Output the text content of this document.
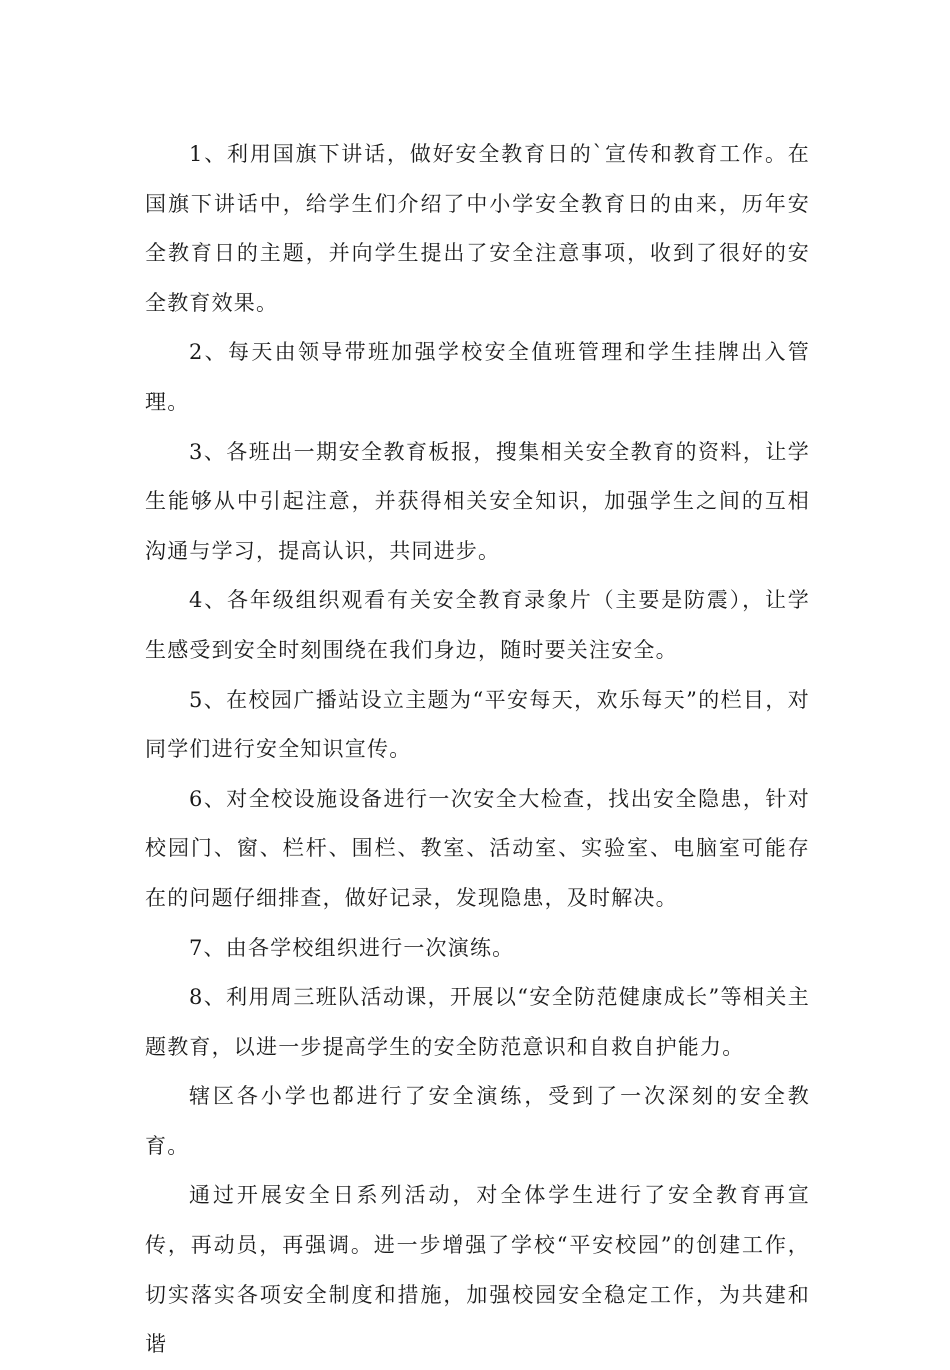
1、利用国旗下讲话，做好安全教育日的`宣传和教育工作。在国旗下讲话中，给学生们介绍了中小学安全教育日的由来，历年安全教育日的主题，并向学生提出了安全注意事项，收到了很好的安全教育效果。

2、每天由领导带班加强学校安全值班管理和学生挂牌出入管理。

3、各班出一期安全教育板报，搜集相关安全教育的资料，让学生能够从中引起注意，并获得相关安全知识，加强学生之间的互相沟通与学习，提高认识，共同进步。

4、各年级组织观看有关安全教育录象片（主要是防震），让学生感受到安全时刻围绕在我们身边，随时要关注安全。

5、在校园广播站设立主题为“平安每天，欢乐每天”的栏目，对同学们进行安全知识宣传。

6、对全校设施设备进行一次安全大检查，找出安全隐患，针对校园门、窗、栏杆、围栏、教室、活动室、实验室、电脑室可能存在的问题仔细排查，做好记录，发现隐患，及时解决。

7、由各学校组织进行一次演练。

8、利用周三班队活动课，开展以“安全防范健康成长”等相关主题教育，以进一步提高学生的安全防范意识和自救自护能力。

辖区各小学也都进行了安全演练，受到了一次深刻的安全教育。

通过开展安全日系列活动，对全体学生进行了安全教育再宣传，再动员，再强调。进一步增强了学校“平安校园”的创建工作，切实落实各项安全制度和措施，加强校园安全稳定工作，为共建和谐
